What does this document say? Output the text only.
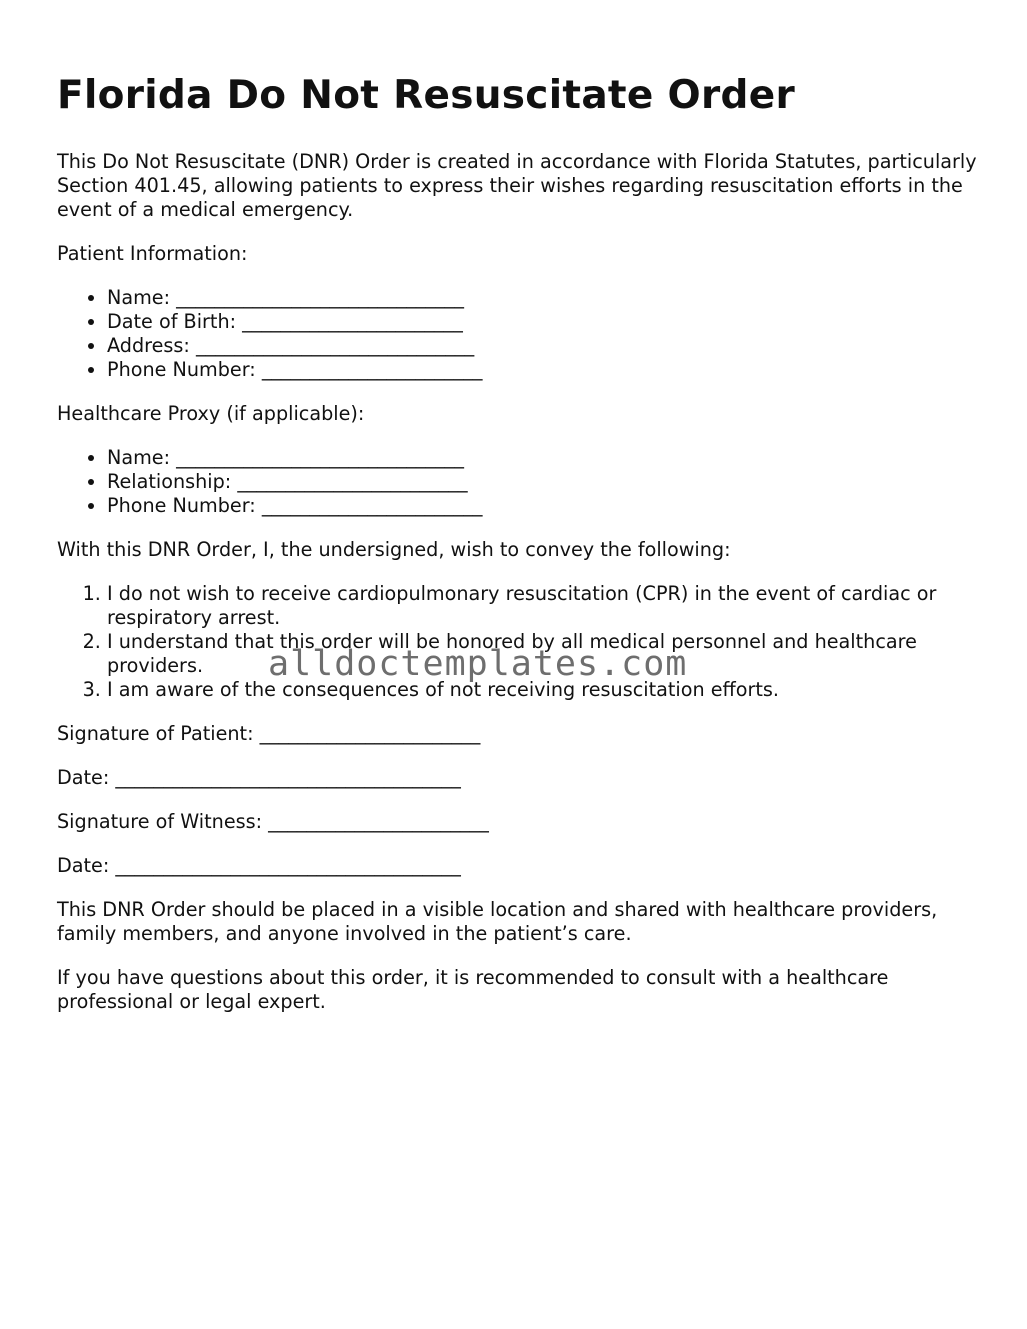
Florida Do Not Resuscitate Order

This Do Not Resuscitate (DNR) Order is created in accordance with Florida Statutes, particularly Section 401.45, allowing patients to express their wishes regarding resuscitation efforts in the event of a medical emergency.

Patient Information:

• Name: ______________________________
• Date of Birth: _______________________
• Address: _____________________________
• Phone Number: _______________________

Healthcare Proxy (if applicable):

• Name: ______________________________
• Relationship: ________________________
• Phone Number: _______________________

With this DNR Order, I, the undersigned, wish to convey the following:

1. I do not wish to receive cardiopulmonary resuscitation (CPR) in the event of cardiac or respiratory arrest.
2. I understand that this order will be honored by all medical personnel and healthcare providers.
3. I am aware of the consequences of not receiving resuscitation efforts.

Signature of Patient: _______________________

Date: ____________________________________

Signature of Witness: _______________________

Date: ____________________________________

This DNR Order should be placed in a visible location and shared with healthcare providers, family members, and anyone involved in the patient’s care.

If you have questions about this order, it is recommended to consult with a healthcare professional or legal expert.

alldoctemplates.com
